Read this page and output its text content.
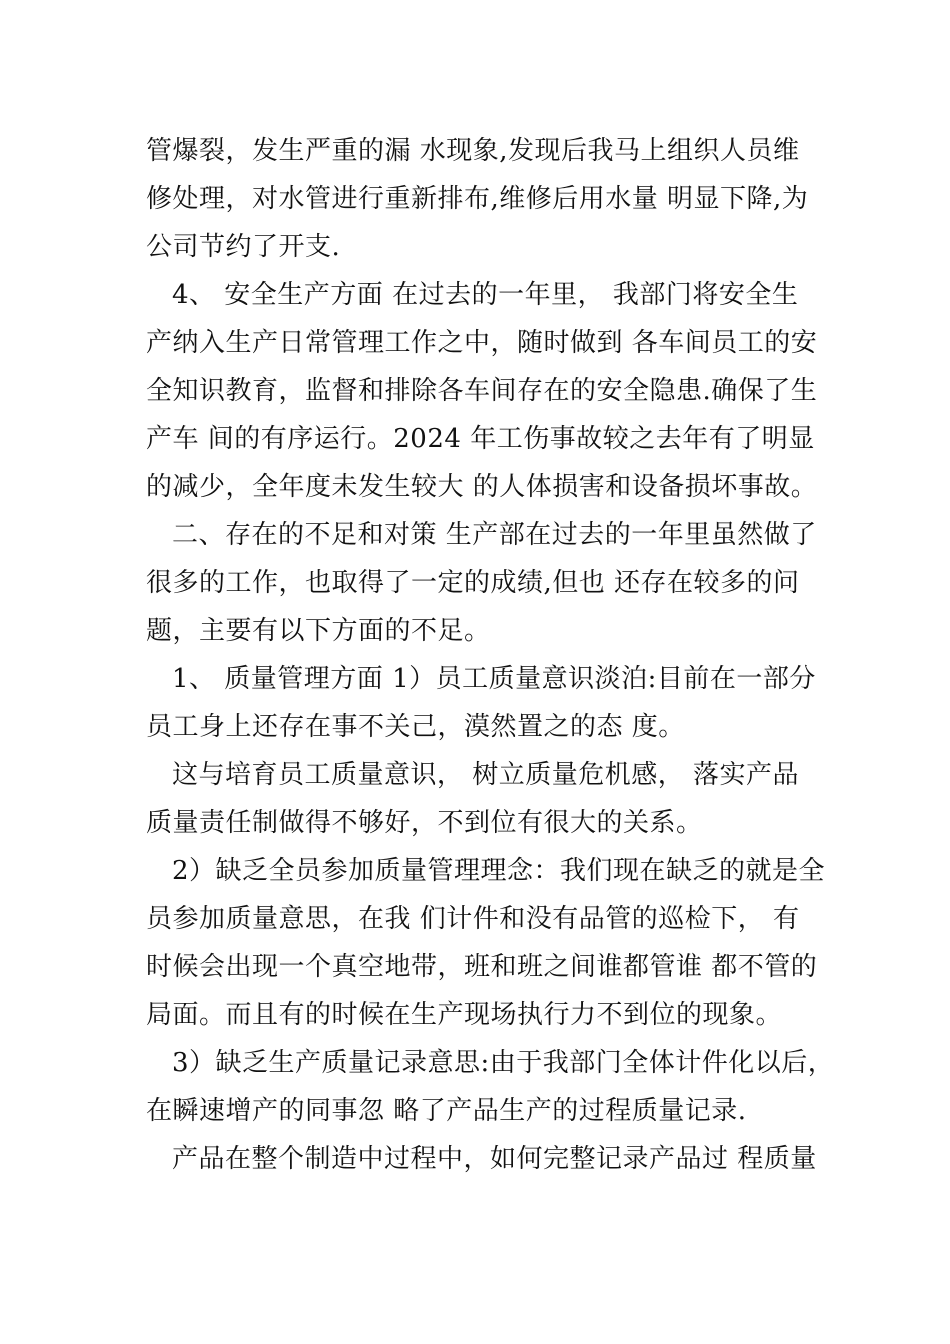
管爆裂，发生严重的漏 水现象,发现后我马上组织人员维
修处理，对水管进行重新排布,维修后用水量 明显下降,为
公司节约了开支.
4、 安全生产方面 在过去的一年里， 我部门将安全生
产纳入生产日常管理工作之中，随时做到 各车间员工的安
全知识教育，监督和排除各车间存在的安全隐患.确保了生
产车 间的有序运行。2024 年工伤事故较之去年有了明显
的减少，全年度未发生较大 的人体损害和设备损坏事故。
二、存在的不足和对策 生产部在过去的一年里虽然做了
很多的工作，也取得了一定的成绩,但也 还存在较多的问
题，主要有以下方面的不足。
1、 质量管理方面 1）员工质量意识淡泊:目前在一部分
员工身上还存在事不关己，漠然置之的态 度。
这与培育员工质量意识， 树立质量危机感， 落实产品
质量责任制做得不够好，不到位有很大的关系。
2）缺乏全员参加质量管理理念：我们现在缺乏的就是全
员参加质量意思，在我 们计件和没有品管的巡检下， 有
时候会出现一个真空地带，班和班之间谁都管谁 都不管的
局面。而且有的时候在生产现场执行力不到位的现象。
3）缺乏生产质量记录意思:由于我部门全体计件化以后，
在瞬速增产的同事忽 略了产品生产的过程质量记录.
产品在整个制造中过程中，如何完整记录产品过 程质量
